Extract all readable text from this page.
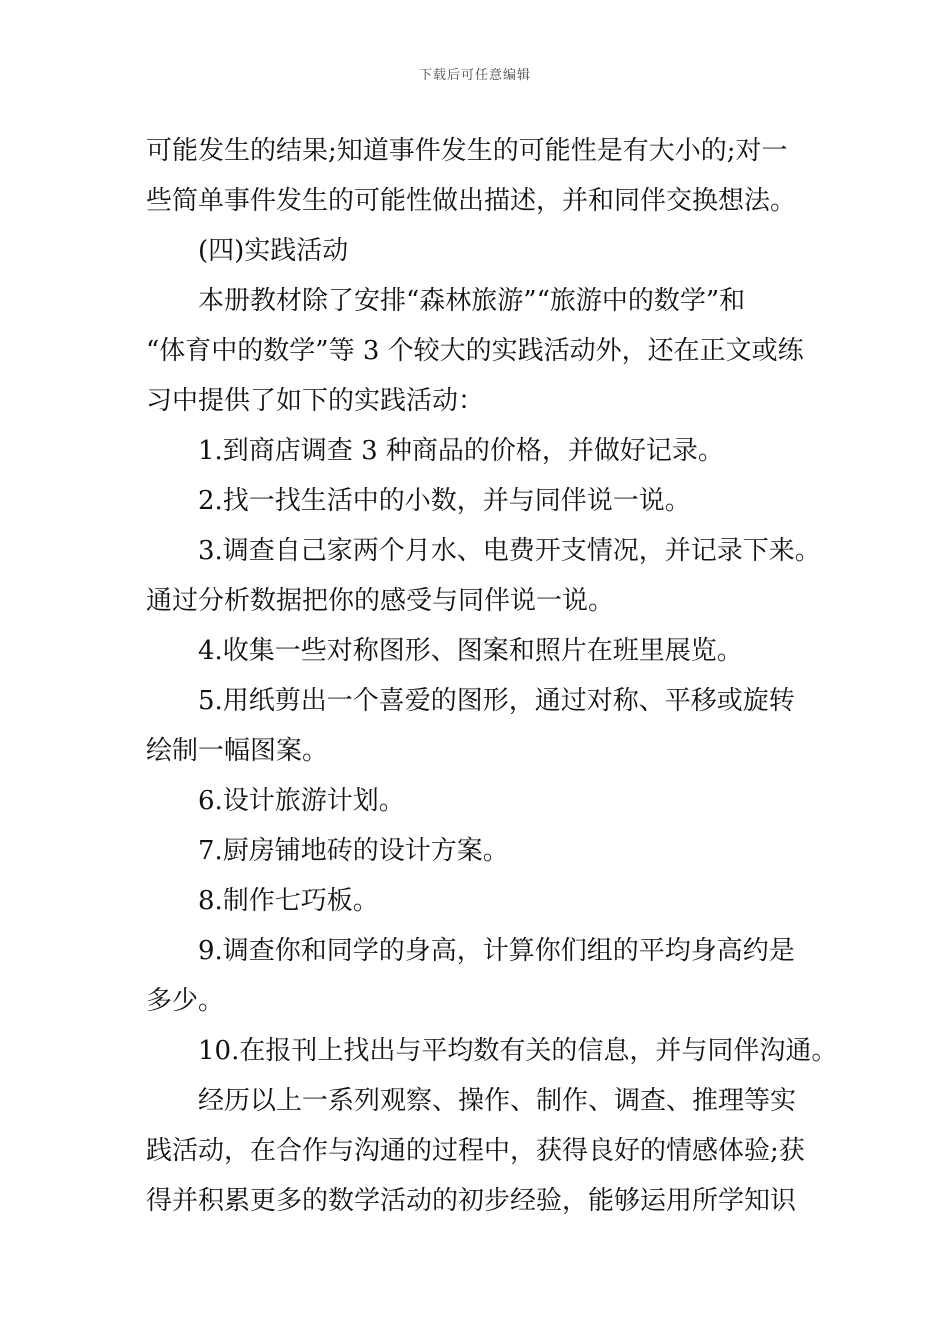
下载后可任意编辑

可能发生的结果;知道事件发生的可能性是有大小的;对一

些简单事件发生的可能性做出描述，并和同伴交换想法。

(四)实践活动

本册教材除了安排“森林旅游”“旅游中的数学”和

“体育中的数学”等 3 个较大的实践活动外，还在正文或练

习中提供了如下的实践活动：

1.到商店调查 3 种商品的价格，并做好记录。

2.找一找生活中的小数，并与同伴说一说。

3.调查自己家两个月水、电费开支情况，并记录下来。

通过分析数据把你的感受与同伴说一说。

4.收集一些对称图形、图案和照片在班里展览。

5.用纸剪出一个喜爱的图形，通过对称、平移或旋转

绘制一幅图案。

6.设计旅游计划。

7.厨房铺地砖的设计方案。

8.制作七巧板。

9.调查你和同学的身高，计算你们组的平均身高约是

多少。

10.在报刊上找出与平均数有关的信息，并与同伴沟通。

经历以上一系列观察、操作、制作、调查、推理等实

践活动，在合作与沟通的过程中，获得良好的情感体验;获

得并积累更多的数学活动的初步经验，能够运用所学知识
